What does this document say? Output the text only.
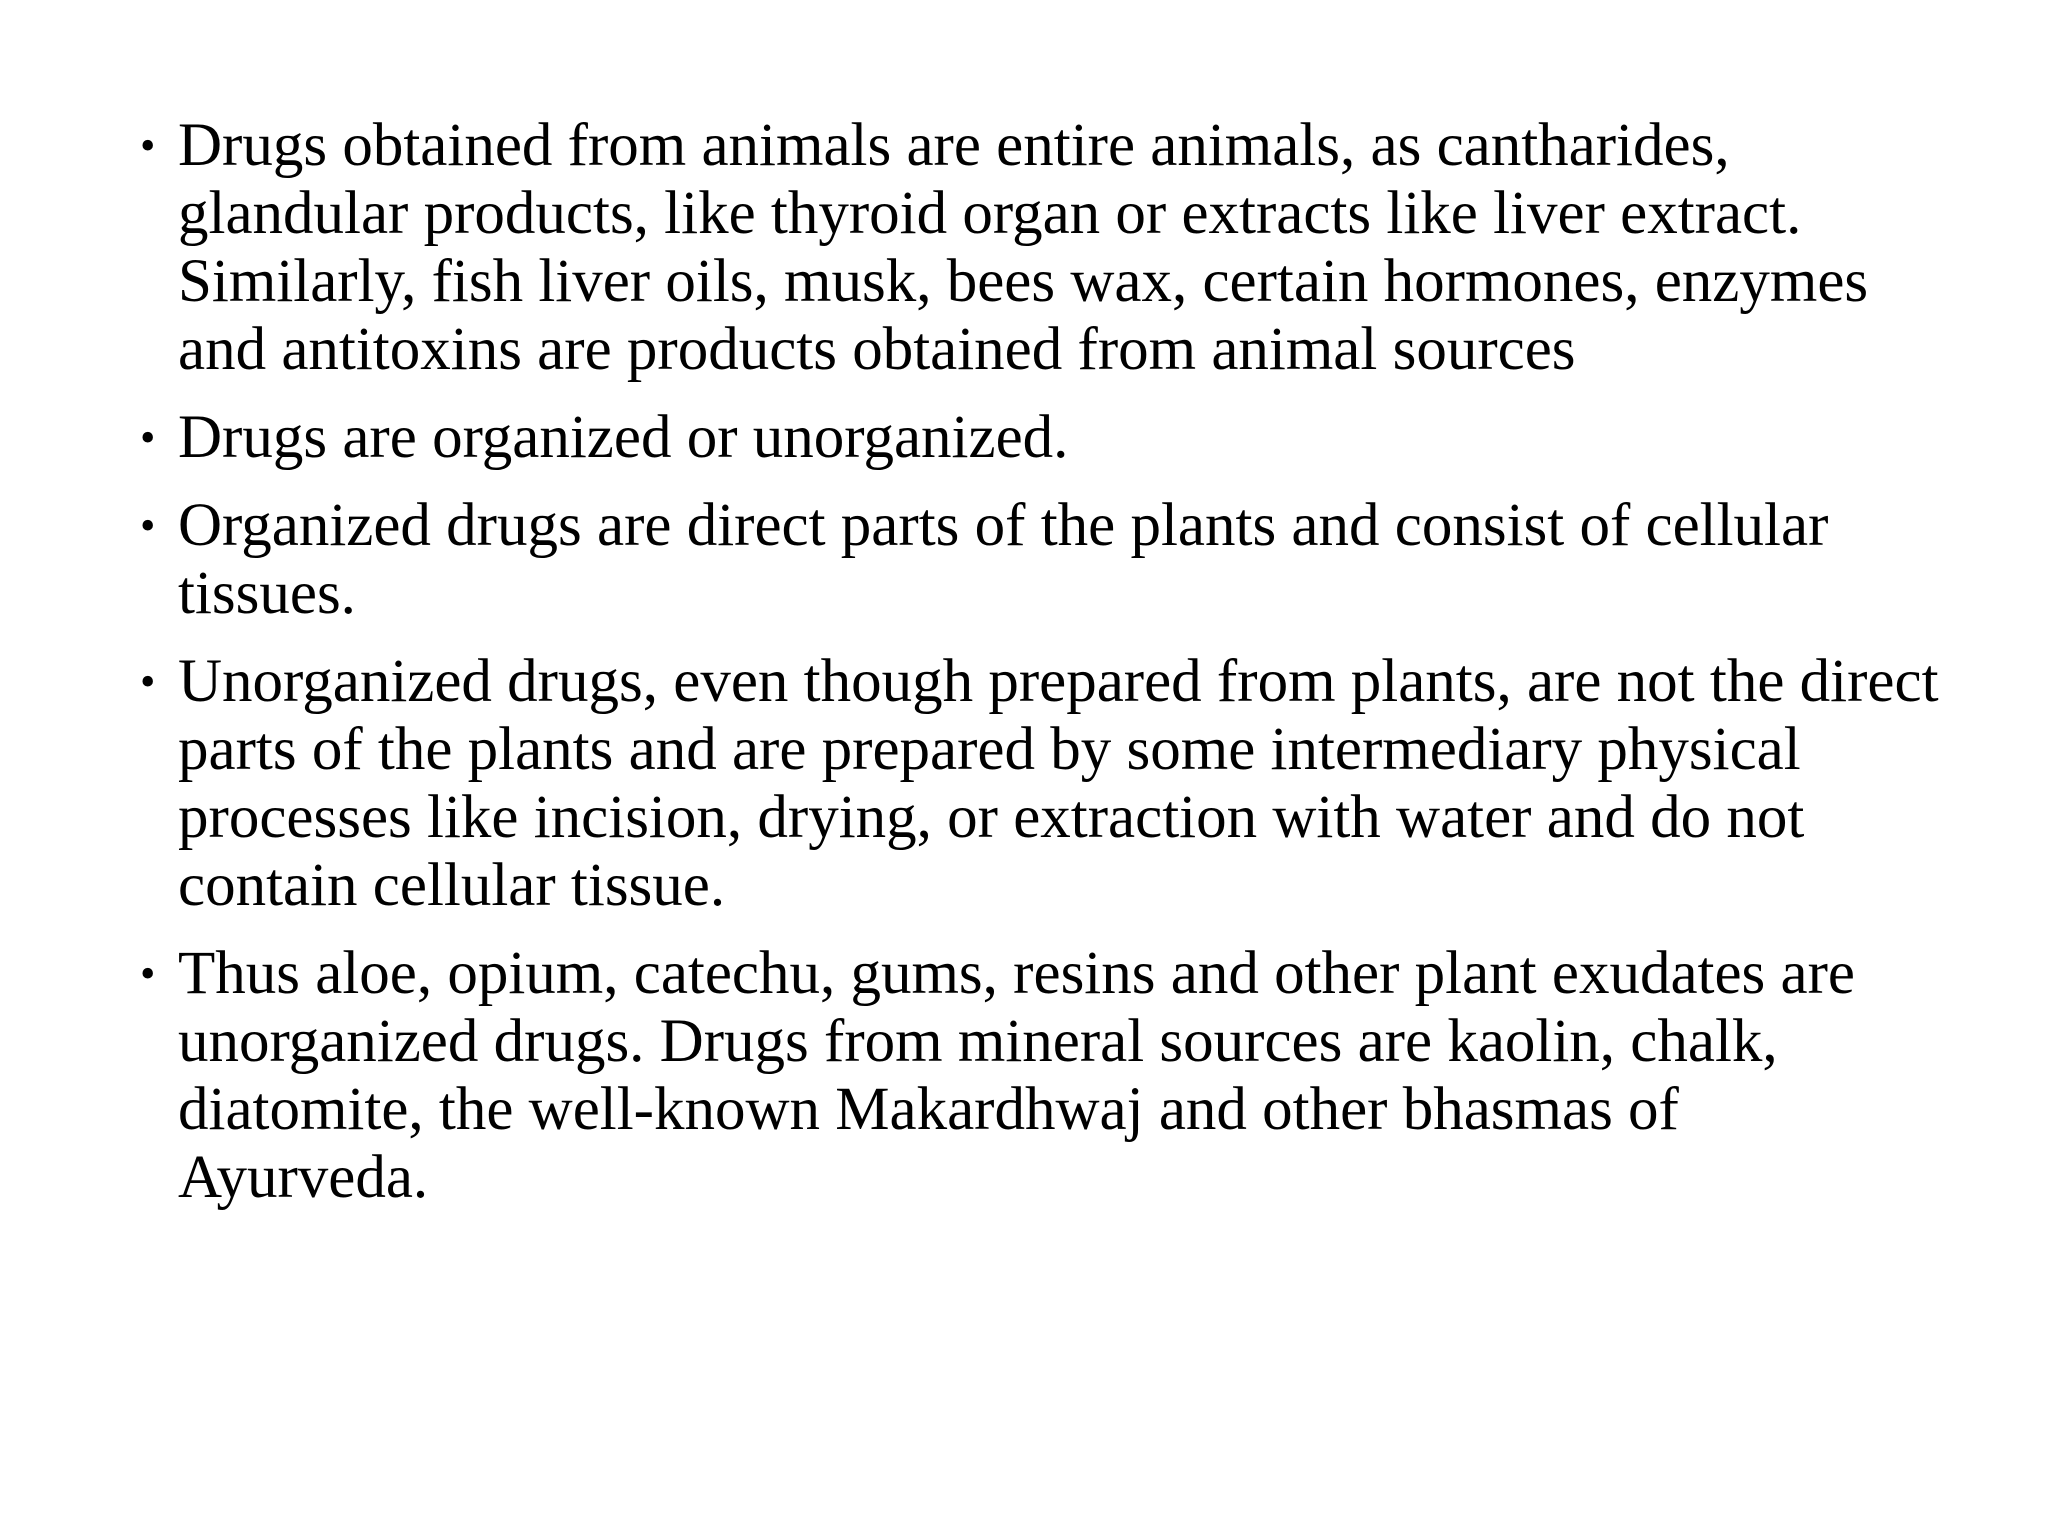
• Drugs obtained from animals are entire animals, as cantharides, glandular products, like thyroid organ or extracts like liver extract. Similarly, fish liver oils, musk, bees wax, certain hormones, enzymes and antitoxins are products obtained from animal sources
• Drugs are organized or unorganized.
• Organized drugs are direct parts of the plants and consist of cellular tissues.
• Unorganized drugs, even though prepared from plants, are not the direct parts of the plants and are prepared by some intermediary physical processes like incision, drying, or extraction with water and do not contain cellular tissue.
• Thus aloe, opium, catechu, gums, resins and other plant exudates are unorganized drugs. Drugs from mineral sources are kaolin, chalk, diatomite, the well-known Makardhwaj and other bhasmas of Ayurveda.
